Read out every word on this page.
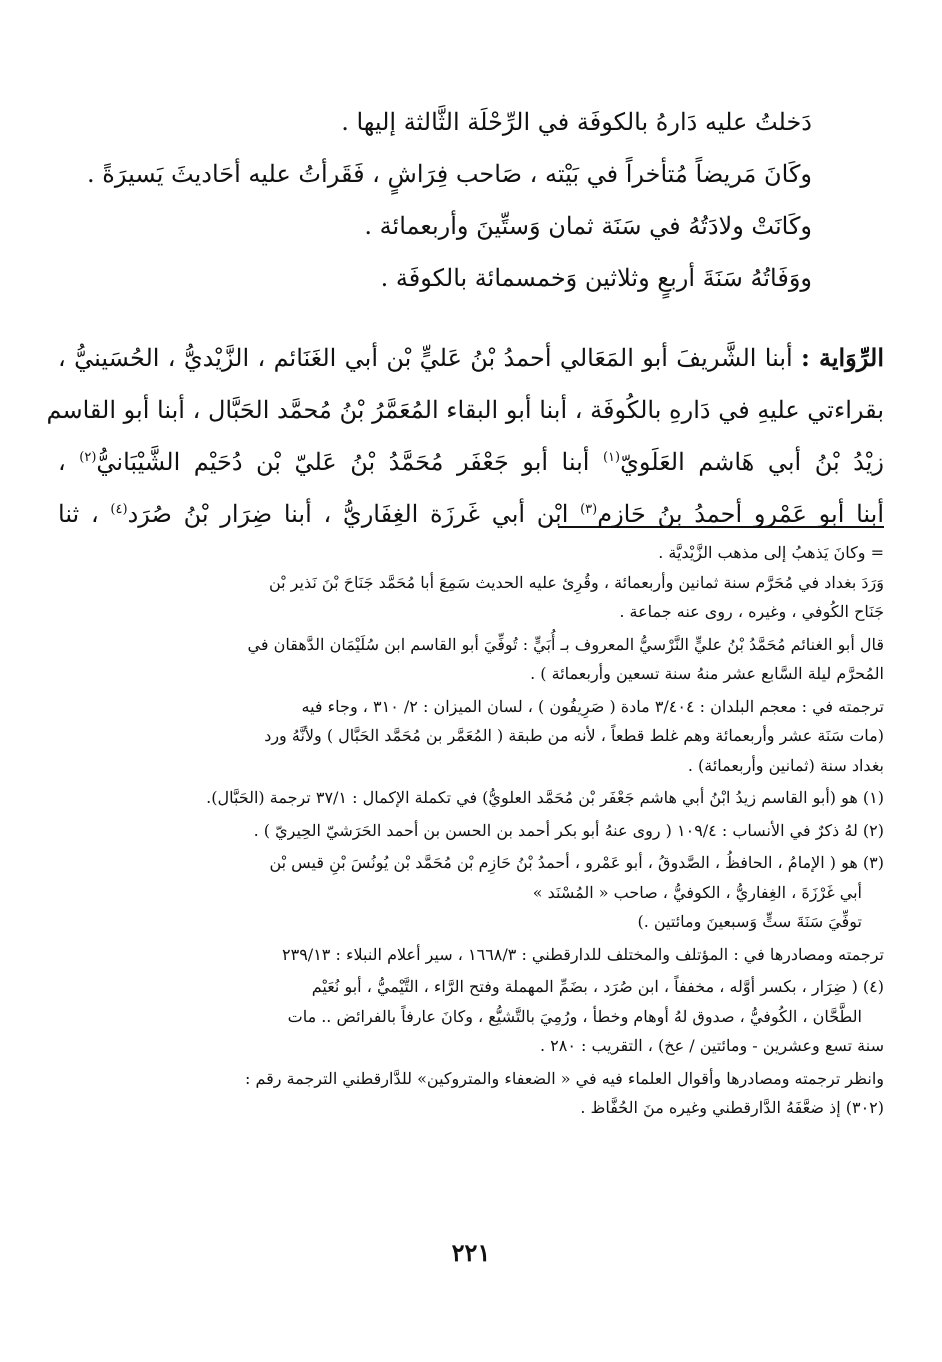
دَخلتُ عليه دَارهُ بالكوفَة في الرِّحْلَة الثَّالثة إليها .

وكَانَ مَريضاً مُتأخراً في بَيْته ، صَاحب فِرَاشٍ ، فَقَرأتُ عليه أحَاديثَ يَسيرَةً .

وكَانَتْ ولادَتُهُ في سَنَة ثمان وَستِّينَ وأربعمائة .

ووَفَاتُهُ سَنَةَ أربعٍ وثلاثين وَخمسمائة بالكوفَة .

الرِّوَاية : أبنا الشَّريفَ أبو المَعَالي أحمدُ بْنُ عَليٍّ بْن أبي الغَنَائم ، الزَّيْديُّ ، الحُسَينيُّ ،

بقراءتي عليهِ في دَارهِ بالكُوفَة ، أبنا أبو البقاء المُعَمَّرُ بْنُ مُحمَّد الحَبَّال ، أبنا أبو القاسم

زيْدُ بْنُ أبي هَاشم العَلَويّ$^{(١)}$ أبنا أبو جَعْفَر مُحَمَّدُ بْنُ عَليّ بْن دُحَيْم الشَّيْبَانيُّ$^{(٢)}$ ،

أبنا أبو عَمْرو أحمدُ بنُ حَازم$^{(٣)}$ ابْن أبي غَرزَة الغِفَاريُّ ، أبنا ضِرَار بْنُ صُرَد$^{(٤)}$ ، ثنا

= وكانَ يَذهبُ إلى مذهب الزَّيْديَّة .

وَرَدَ بغداد في مُحَرَّم سنة ثمانين وأربعمائة ، وقُرِئ عليه الحديث سَمِعَ أبا مُحَمَّد جَنَاحَ بْنَ نَذير بْن

جَنَاح الكُوفي ، وغيره ، روى عنه جماعة .

قال أبو الغنائم مُحَمَّدُ بْنُ عليٍّ النَّرْسيُّ المعروف بـ أُبَيٍّ : تُوفِّيَ أبو القاسم ابن سُلَيْمَان الدَّهقان في

المُحرَّم ليلة السَّابع عشر منهُ سنة تسعين وأربعمائة ) .

ترجمته في : معجم البلدان : ٣/٤٠٤ مادة ( صَرِيفُون ) ، لسان الميزان : ٢/ ٣١٠ ، وجاء فيه

(مات سَنَة عشر وأربعمائة وهم غلط قطعاً ، لأنه من طبقة ( المُعَمَّر بن مُحَمَّد الحَبَّال ) ولأنَّهُ ورد

بغداد سنة (ثمانين وأربعمائة) .

(١) هو (أبو القاسم زيدُ ابْنُ أبي هاشم جَعْفَر بْن مُحَمَّد العلويُّ) في تكملة الإكمال : ٣٧/١ ترجمة (الحَبَّال).

(٢) لهُ ذكرٌ في الأنساب : ١٠٩/٤ ( روى عنهُ أبو بكر أحمد بن الحسن بن أحمد الحَرَشيّ الحِيريّ ) .

(٣) هو ( الإمامُ ، الحافظُ ، الصَّدوقُ ، أبو عَمْرو ، أحمدُ بْنُ حَازِم بْن مُحَمَّد بْن يُونُسَ بْنِ قيس بْن

أبي غَرْزَةَ ، الغِفاريُّ ، الكوفيُّ ، صاحب « المُسْنَد »

توفِّيَ سَنَةَ ستٍّ وَسبعينَ ومائتين .)

ترجمته ومصادرها في : المؤتلف والمختلف للدارقطني : ١٦٦٨/٣ ، سير أعلام النبلاء : ٢٣٩/١٣

(٤) ( ضِرَار ، بكسر أوَّله ، مخففاً ، ابن صُرَد ، بضَمِّ المهملة وفتح الرَّاء ، التَّيْميُّ ، أبو نُعَيْم

الطَّحَّان ، الكُوفيُّ ، صدوق لهُ أوهام وخطأ ، ورُمِيَ بالتَّشيُّع ، وكانَ عارفاً بالفرائض .. مات

سنة تسع وعشرين - ومائتين / عخ) ، التقريب : ٢٨٠ .

وانظر ترجمته ومصادرها وأقوال العلماء فيه في « الضعفاء والمتروكين» للدَّارقطني الترجمة رقم :

(٣٠٢) إذ ضعَّفَهُ الدَّارقطني وغيره منَ الحُفَّاظ .

٢٢١
